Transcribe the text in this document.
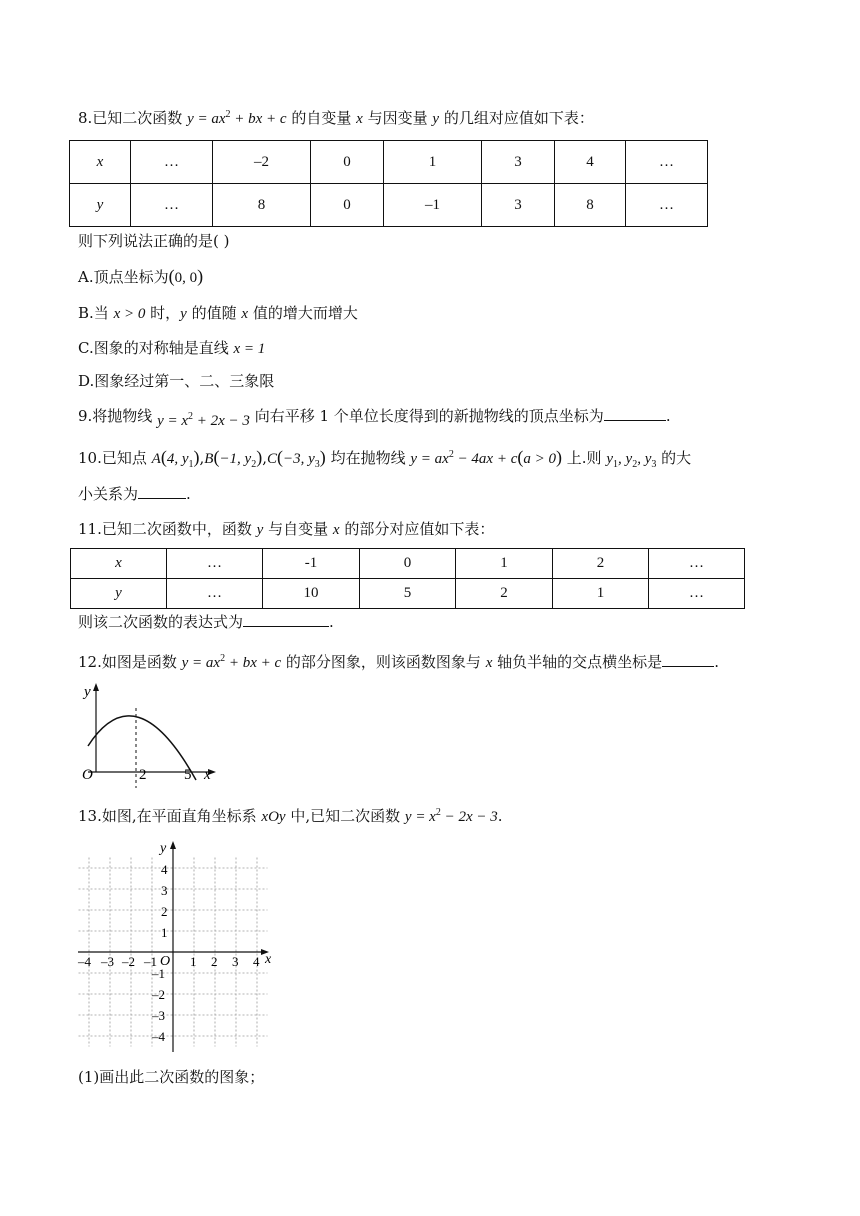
8.已知二次函数 $y = ax^2$ + bx + c 的自变量 x 与因变量 y 的几组对应值如下表：
x	…	–2	0	1	3	4	…
y	…	8	0	–1	3	8	…
则下列说法正确的是( )
A.顶点坐标为(0, 0)
B.当 x > 0 时，y 的值随 x 值的增大而增大
C.图象的对称轴是直线 x = 1
D.图象经过第一、二、三象限
9.将抛物线 $y = x^2 + 2x - 3$ 向右平移 1 个单位长度得到的新抛物线的顶点坐标为	.
10.已知点 A(4, $y_1),B(-1$, $y_2),C(-3$, $y_3$) 均在抛物线 $y = ax^2 - 4ax + c(a > 0)$ 上.则 $y_1$, $y_2$, $y_3$ 的大
小关系为	.
11.已知二次函数中，函数 y 与自变量 x 的部分对应值如下表：
x	…	-1	0	1	2	…
y	…	10	5	2	1	…
则该二次函数的表达式为	.
12.如图是函数 $y = ax^2$ + bx + c 的部分图象，则该函数图象与 x 轴负半轴的交点横坐标是	.
y
x
O	2	5
13.如图,在平面直角坐标系 xOy 中,已知二次函数 $y = x^2 - 2x - 3$.
x
y
O
–4 –3 –2 –1	1 2 3 4
4
3
2
1
–1
–2
–3
–4
(1)画出此二次函数的图象；
